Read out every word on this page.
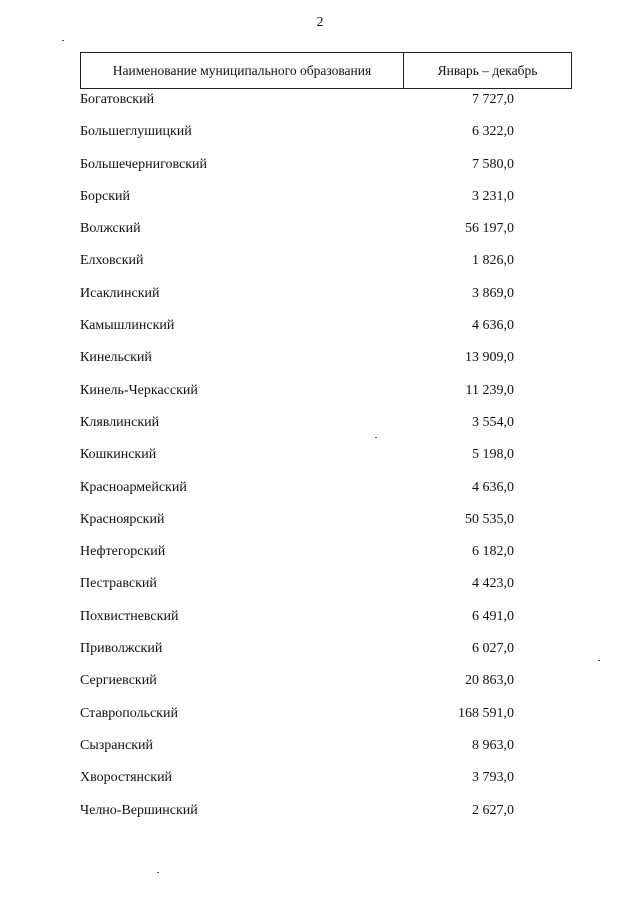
2
Наименование муниципального образования	Январь – декабрь
Богатовский	7 727,0
Большеглушицкий	6 322,0
Большечерниговский	7 580,0
Борский	3 231,0
Волжский	56 197,0
Елховский	1 826,0
Исаклинский	3 869,0
Камышлинский	4 636,0
Кинельский	13 909,0
Кинель-Черкасский	11 239,0
Клявлинский	3 554,0
Кошкинский	5 198,0
Красноармейский	4 636,0
Красноярский	50 535,0
Нефтегорский	6 182,0
Пестравский	4 423,0
Похвистневский	6 491,0
Приволжский	6 027,0
Сергиевский	20 863,0
Ставропольский	168 591,0
Сызранский	8 963,0
Хворостянский	3 793,0
Челно-Вершинский	2 627,0
